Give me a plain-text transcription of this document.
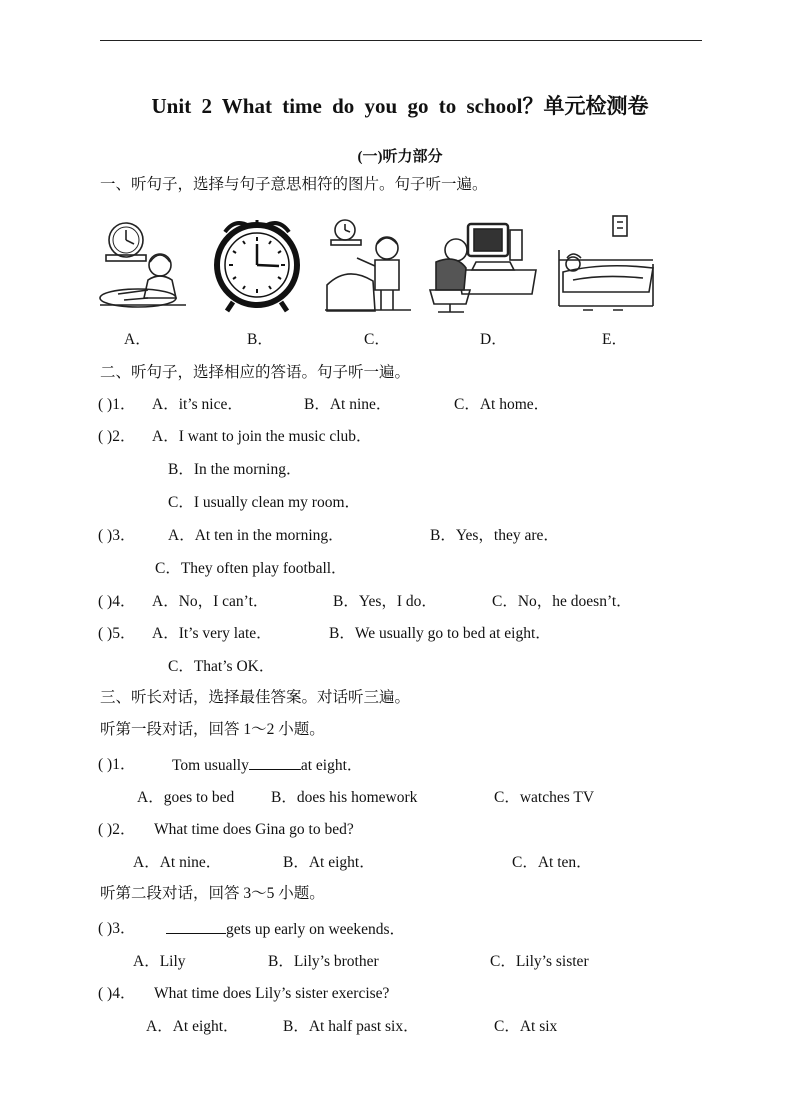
Unit 2 What time do you go to school？单元检测卷
(一)听力部分
一、听句子，选择与句子意思相符的图片。句子听一遍。
A．	B．	C．	D．	E．
二、听句子，选择相应的答语。句子听一遍。
( )1． A．it’s nice．	B．At nine．	C．At home．
( )2． A．I want to join the music club．
B．In the morning．
C．I usually clean my room．
( )3． A．At ten in the morning．	B．Yes，they are．
C．They often play football．
( )4． A．No，I can’t．	B．Yes，I do．	C．No，he doesn’t．
( )5． A．It’s very late．	B．We usually go to bed at eight．
C．That’s OK．
三、听长对话，选择最佳答案。对话听三遍。
听第一段对话，回答 1～2 小题。
( )1． Tom usually	at eight．
A．goes to bed B．does his homework	C．watches TV
( )2． What time does Gina go to bed?
A．At nine．	B．At eight．	C．At ten．
听第二段对话，回答 3～5 小题。
( )3．	gets up early on weekends．
A．Lily	B．Lily’s brother	C．Lily’s sister
( )4． What time does Lily’s sister exercise?
A．At eight．	B．At half past six．	C．At six
